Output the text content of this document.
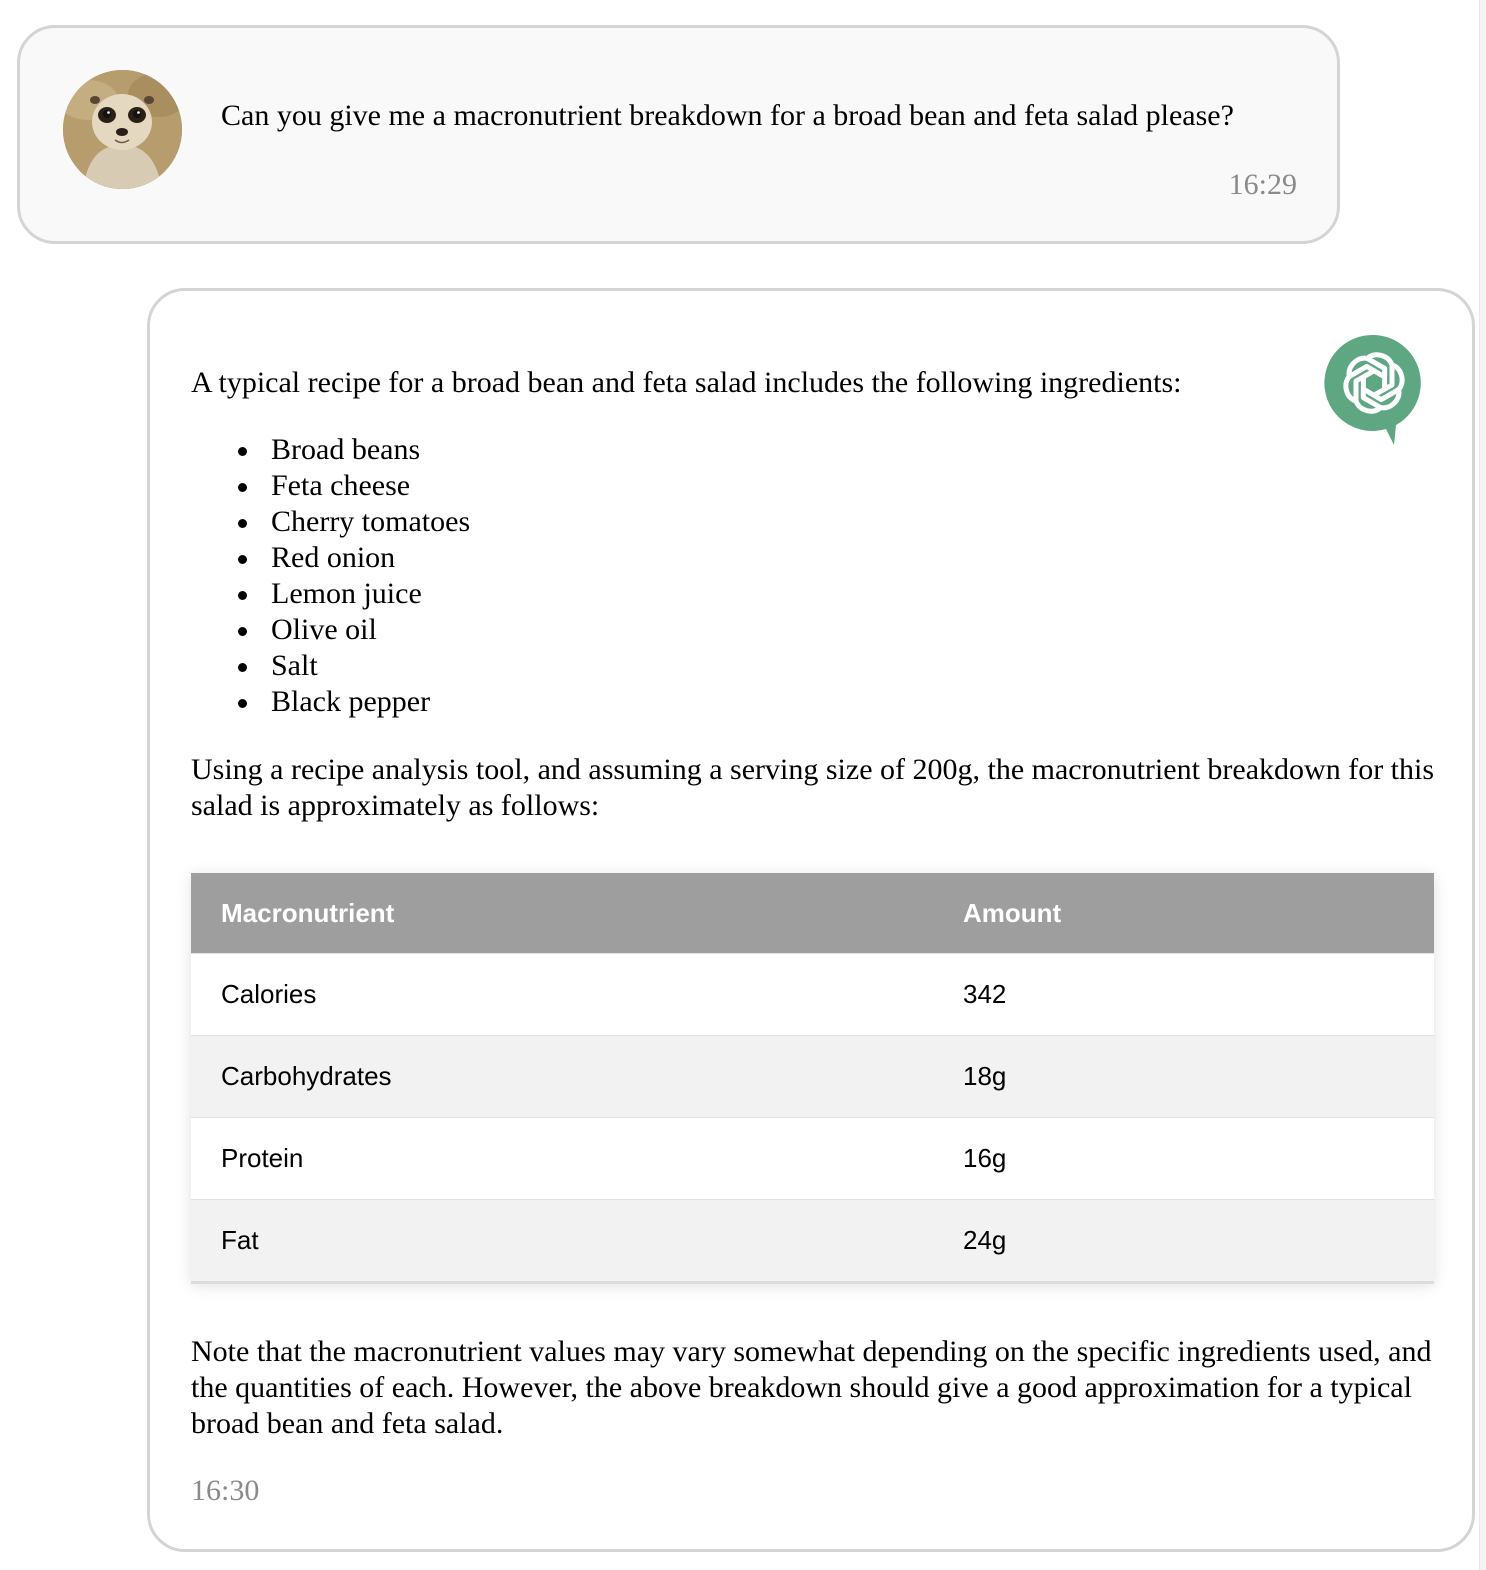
Can you give me a macronutrient breakdown for a broad bean and feta salad please?
16:29
A typical recipe for a broad bean and feta salad includes the following ingredients:
Broad beans
Feta cheese
Cherry tomatoes
Red onion
Lemon juice
Olive oil
Salt
Black pepper
Using a recipe analysis tool, and assuming a serving size of 200g, the macronutrient breakdown for this salad is approximately as follows:
Macronutrient	Amount
Calories	342
Carbohydrates	18g
Protein	16g
Fat	24g
Note that the macronutrient values may vary somewhat depending on the specific ingredients used, and the quantities of each. However, the above breakdown should give a good approximation for a typical broad bean and feta salad.
16:30
